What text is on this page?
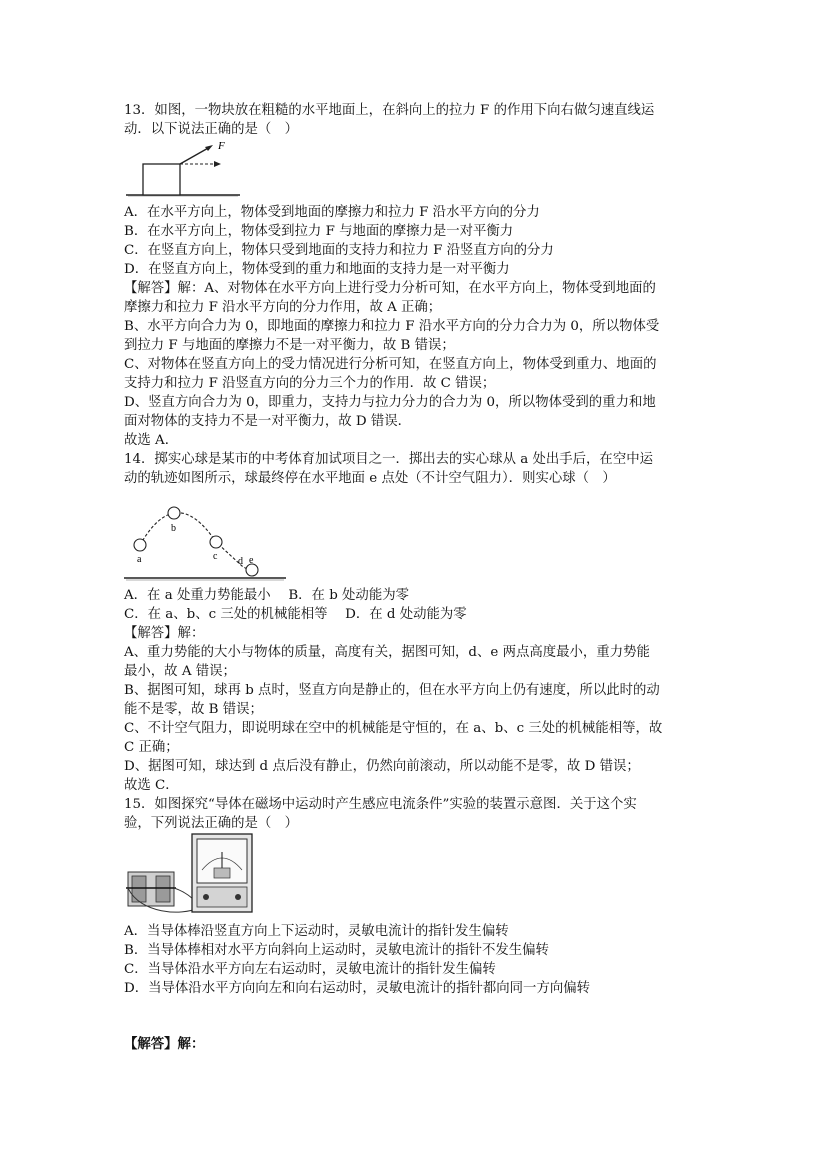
13．如图，一物块放在粗糙的水平地面上，在斜向上的拉力 F 的作用下向右做匀速直线运
动．以下说法正确的是（　）
F
A．在水平方向上，物体受到地面的摩擦力和拉力 F 沿水平方向的分力
B．在水平方向上，物体受到拉力 F 与地面的摩擦力是一对平衡力
C．在竖直方向上，物体只受到地面的支持力和拉力 F 沿竖直方向的分力
D．在竖直方向上，物体受到的重力和地面的支持力是一对平衡力
【解答】解：A、对物体在水平方向上进行受力分析可知，在水平方向上，物体受到地面的
摩擦力和拉力 F 沿水平方向的分力作用，故 A 正确；
B、水平方向合力为 0，即地面的摩擦力和拉力 F 沿水平方向的分力合力为 0，所以物体受
到拉力 F 与地面的摩擦力不是一对平衡力，故 B 错误；
C、对物体在竖直方向上的受力情况进行分析可知，在竖直方向上，物体受到重力、地面的
支持力和拉力 F 沿竖直方向的分力三个力的作用．故 C 错误；
D、竖直方向合力为 0，即重力，支持力与拉力分力的合力为 0，所以物体受到的重力和地
面对物体的支持力不是一对平衡力，故 D 错误．
故选 A．
14．掷实心球是某市的中考体育加试项目之一．掷出去的实心球从 a 处出手后，在空中运
动的轨迹如图所示，球最终停在水平地面 e 点处（不计空气阻力）．则实心球（　）
a
b
c d e
A．在 a 处重力势能最小　 B．在 b 处动能为零
C．在 a、b、c 三处的机械能相等　 D．在 d 处动能为零
【解答】解：
A、重力势能的大小与物体的质量，高度有关，据图可知，d、e 两点高度最小，重力势能
最小，故 A 错误；
B、据图可知，球再 b 点时，竖直方向是静止的，但在水平方向上仍有速度，所以此时的动
能不是零，故 B 错误；
C、不计空气阻力，即说明球在空中的机械能是守恒的，在 a、b、c 三处的机械能相等，故
C 正确；
D、据图可知，球达到 d 点后没有静止，仍然向前滚动，所以动能不是零，故 D 错误；
故选 C．
15．如图探究“导体在磁场中运动时产生感应电流条件”实验的装置示意图．关于这个实
验，下列说法正确的是（　）
A．当导体棒沿竖直方向上下运动时，灵敏电流计的指针发生偏转
B．当导体棒相对水平方向斜向上运动时，灵敏电流计的指针不发生偏转
C．当导体沿水平方向左右运动时，灵敏电流计的指针发生偏转
D．当导体沿水平方向向左和向右运动时，灵敏电流计的指针都向同一方向偏转
【解答】解：
